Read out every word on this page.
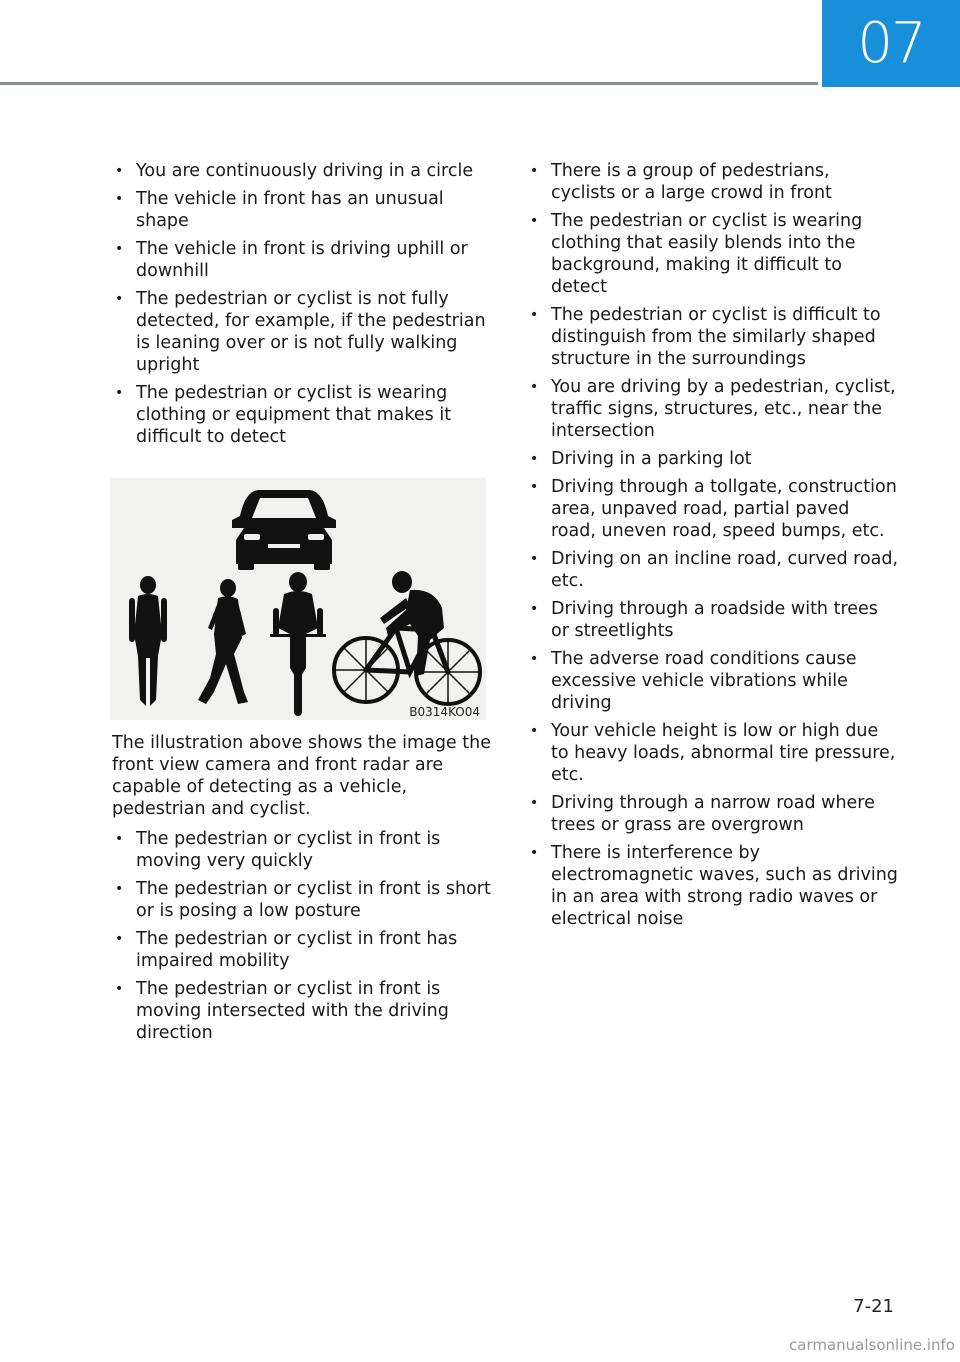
07
• You are continuously driving in a circle
• The vehicle in front has an unusual shape
• The vehicle in front is driving uphill or downhill
• The pedestrian or cyclist is not fully detected, for example, if the pedestrian is leaning over or is not fully walking upright
• The pedestrian or cyclist is wearing clothing or equipment that makes it difficult to detect
B0314KO04

The illustration above shows the image the front view camera and front radar are capable of detecting as a vehicle, pedestrian and cyclist.

• The pedestrian or cyclist in front is moving very quickly
• The pedestrian or cyclist in front is short or is posing a low posture
• The pedestrian or cyclist in front has impaired mobility
• The pedestrian or cyclist in front is moving intersected with the driving direction
• There is a group of pedestrians, cyclists or a large crowd in front
• The pedestrian or cyclist is wearing clothing that easily blends into the background, making it difficult to detect
• The pedestrian or cyclist is difficult to distinguish from the similarly shaped structure in the surroundings
• You are driving by a pedestrian, cyclist, traffic signs, structures, etc., near the intersection
• Driving in a parking lot
• Driving through a tollgate, construction area, unpaved road, partial paved road, uneven road, speed bumps, etc.
• Driving on an incline road, curved road, etc.
• Driving through a roadside with trees or streetlights
• The adverse road conditions cause excessive vehicle vibrations while driving
• Your vehicle height is low or high due to heavy loads, abnormal tire pressure, etc.
• Driving through a narrow road where trees or grass are overgrown
• There is interference by electromagnetic waves, such as driving in an area with strong radio waves or electrical noise
7-21
carmanualsonline.info
